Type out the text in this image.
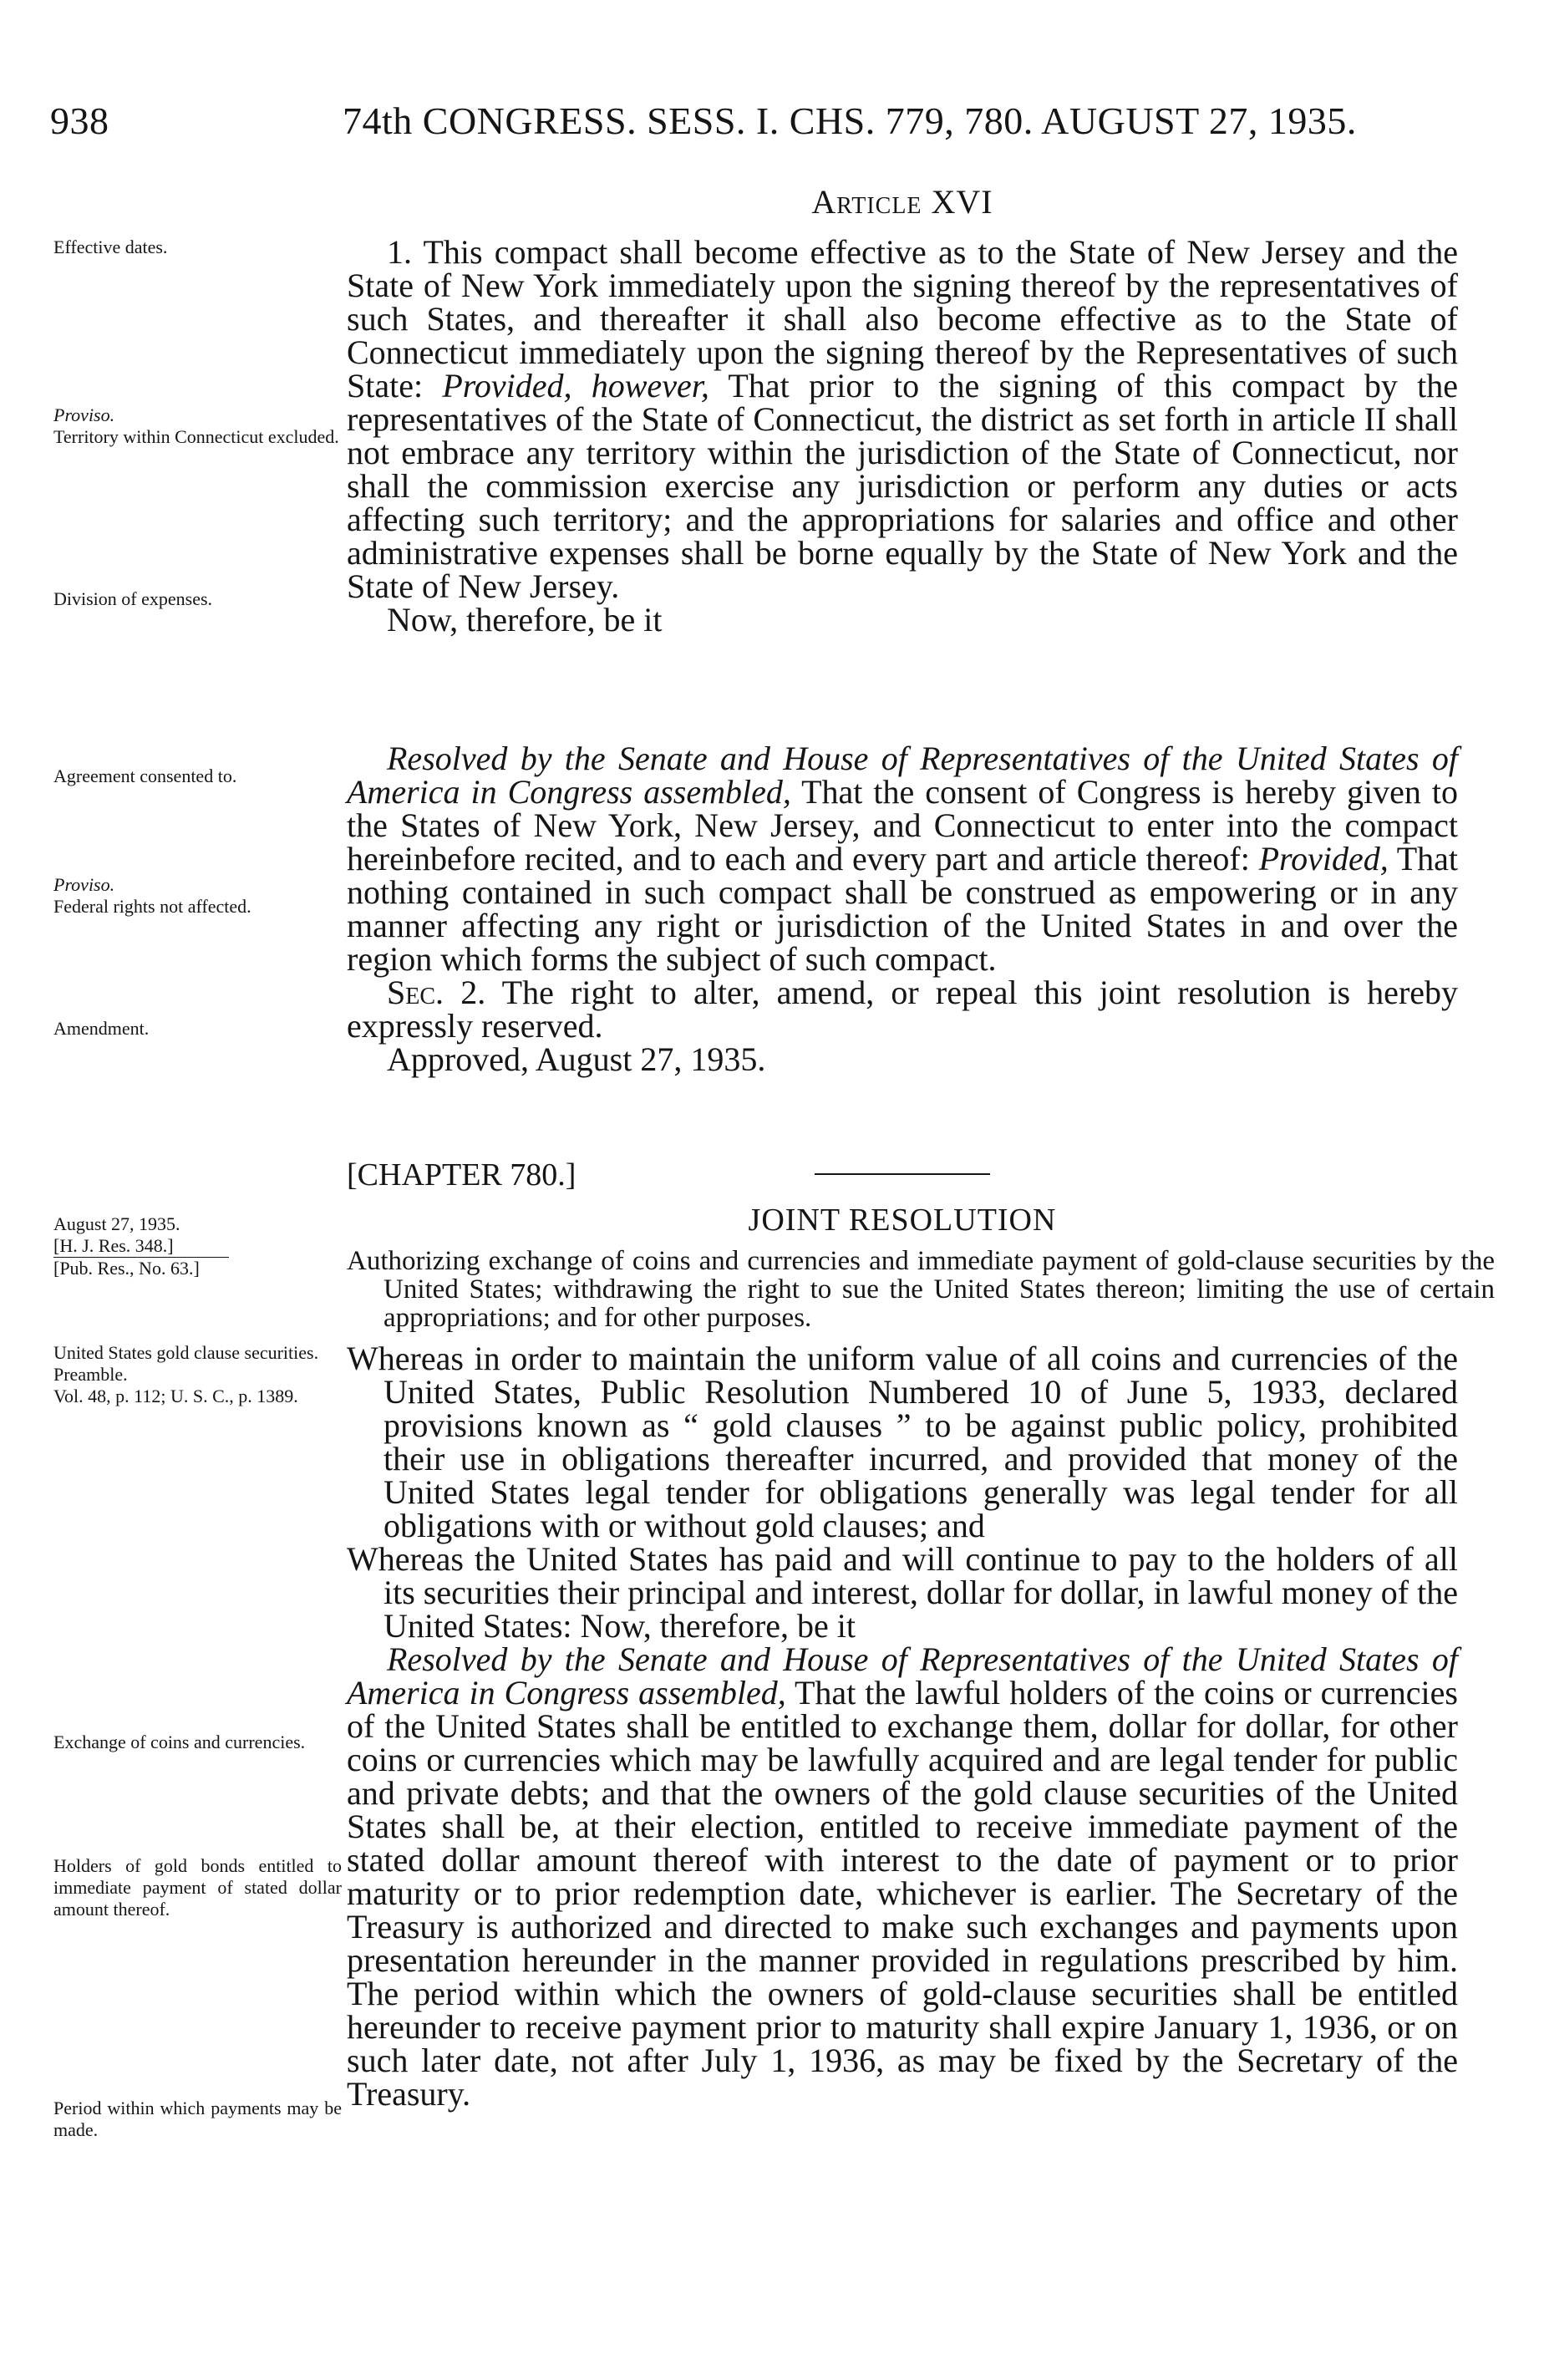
938	74th CONGRESS. SESS. I. CHS. 779, 780. AUGUST 27, 1935.
Effective dates.
Proviso.
Territory within Connecticut excluded.
Division of expenses.
Agreement consented to.
Proviso.
Federal rights not affected.
Amendment.
August 27, 1935.
[H. J. Res. 348.]
[Pub. Res., No. 63.]
United States gold clause securities.
Preamble.
Vol. 48, p. 112; U. S. C., p. 1389.
Exchange of coins and currencies.
Holders of gold bonds entitled to immediate payment of stated dollar amount thereof.
Period within which payments may be made.
Article XVI

1. This compact shall become effective as to the State of New Jersey and the State of New York immediately upon the signing thereof by the representatives of such States, and thereafter it shall also become effective as to the State of Connecticut immediately upon the signing thereof by the Representatives of such State: Provided, however, That prior to the signing of this compact by the representatives of the State of Connecticut, the district as set forth in article II shall not embrace any territory within the jurisdiction of the State of Connecticut, nor shall the commission exercise any jurisdiction or perform any duties or acts affecting such territory; and the appropriations for salaries and office and other administrative expenses shall be borne equally by the State of New York and the State of New Jersey.

Now, therefore, be it

Resolved by the Senate and House of Representatives of the United States of America in Congress assembled, That the consent of Congress is hereby given to the States of New York, New Jersey, and Connecticut to enter into the compact hereinbefore recited, and to each and every part and article thereof: Provided, That nothing contained in such compact shall be construed as empowering or in any manner affecting any right or jurisdiction of the United States in and over the region which forms the subject of such compact.

Sec. 2. The right to alter, amend, or repeal this joint resolution is hereby expressly reserved.

Approved, August 27, 1935.

[CHAPTER 780.]
JOINT RESOLUTION
Authorizing exchange of coins and currencies and immediate payment of gold-clause securities by the United States; withdrawing the right to sue the United States thereon; limiting the use of certain appropriations; and for other purposes.

Whereas in order to maintain the uniform value of all coins and currencies of the United States, Public Resolution Numbered 10 of June 5, 1933, declared provisions known as “ gold clauses ” to be against public policy, prohibited their use in obligations thereafter incurred, and provided that money of the United States legal tender for obligations generally was legal tender for all obligations with or without gold clauses; and

Whereas the United States has paid and will continue to pay to the holders of all its securities their principal and interest, dollar for dollar, in lawful money of the United States: Now, therefore, be it

Resolved by the Senate and House of Representatives of the United States of America in Congress assembled, That the lawful holders of the coins or currencies of the United States shall be entitled to exchange them, dollar for dollar, for other coins or currencies which may be lawfully acquired and are legal tender for public and private debts; and that the owners of the gold clause securities of the United States shall be, at their election, entitled to receive immediate payment of the stated dollar amount thereof with interest to the date of payment or to prior maturity or to prior redemption date, whichever is earlier. The Secretary of the Treasury is authorized and directed to make such exchanges and payments upon presentation hereunder in the manner provided in regulations prescribed by him. The period within which the owners of gold-clause securities shall be entitled hereunder to receive payment prior to maturity shall expire January 1, 1936, or on such later date, not after July 1, 1936, as may be fixed by the Secretary of the Treasury.
